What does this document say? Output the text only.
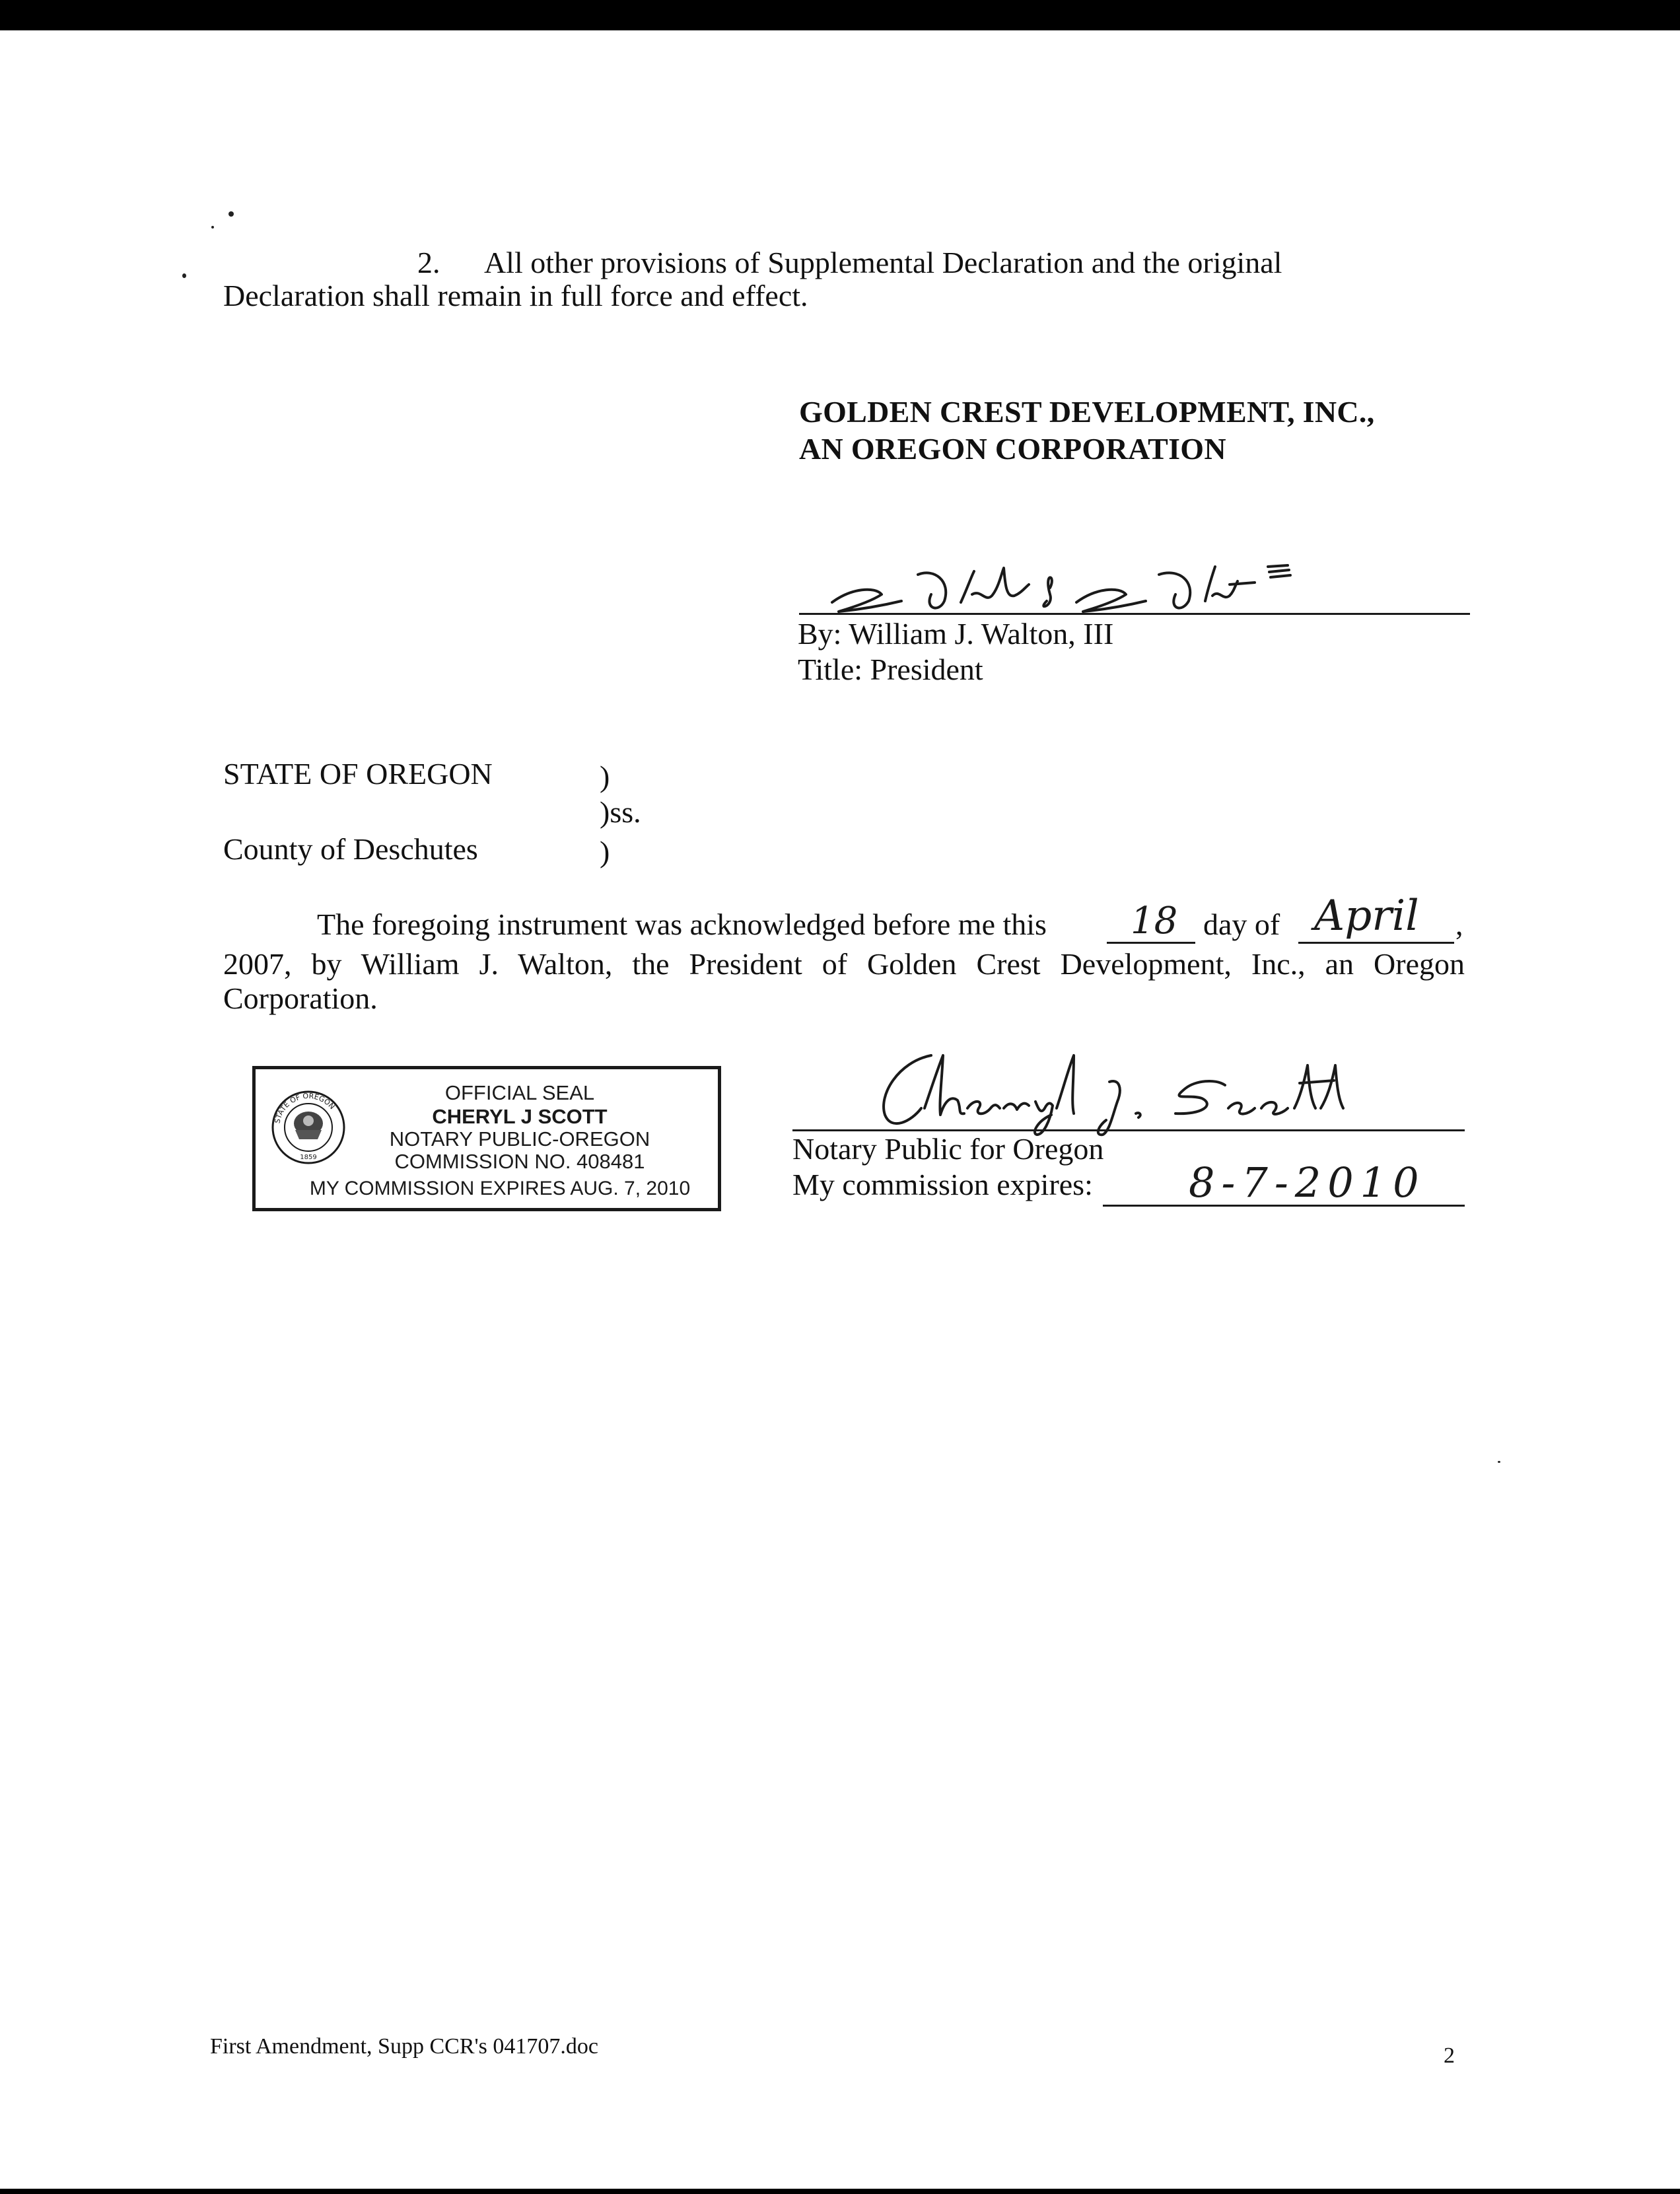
2.      All other provisions of Supplemental Declaration and the original
Declaration shall remain in full force and effect.
GOLDEN CREST DEVELOPMENT, INC.,
AN OREGON CORPORATION
By: William J. Walton, III
Title: President
STATE OF OREGON	)
)ss.
County of Deschutes	)
The foregoing instrument was acknowledged before me this 18 day of April ,
2007, by William J. Walton, the President of Golden Crest Development, Inc., an Oregon
Corporation.
STATE OF OREGON
1859
OFFICIAL SEAL
CHERYL J SCOTT
NOTARY PUBLIC-OREGON
COMMISSION NO. 408481
MY COMMISSION EXPIRES AUG. 7, 2010
Notary Public for Oregon
My commission expires: 8-7-2010
First Amendment, Supp CCR's 041707.doc	2
